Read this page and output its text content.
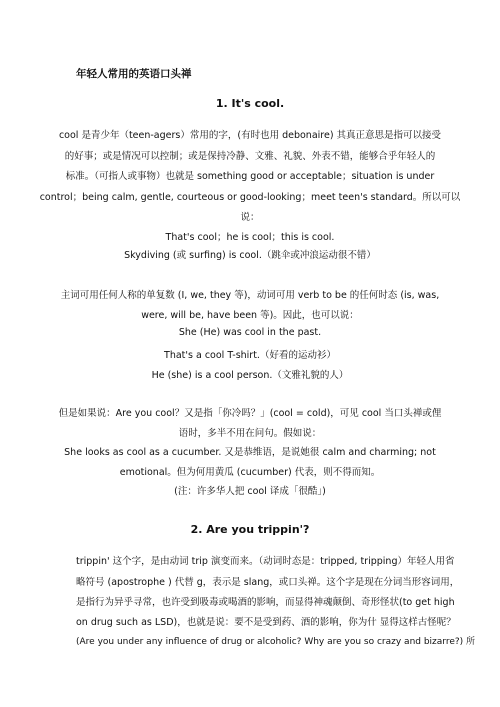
年轻人常用的英语口头禅
1. It's cool.
cool 是青少年（teen-agers）常用的字，(有时也用 debonaire) 其真正意思是指可以接受
的好事；或是情况可以控制；或是保持冷静、文雅、礼貌、外表不错，能够合乎年轻人的
标准。（可指人或事物）也就是 something good or acceptable；situation is under
control；being calm, gentle, courteous or good-looking；meet teen's standard。所以可以
说：
That's cool；he is cool；this is cool.
Skydiving (或 surfing) is cool.（跳伞或冲浪运动很不错）
主词可用任何人称的单复数 (I, we, they 等)，动词可用 verb to be 的任何时态 (is, was,
were, will be, have been 等)。因此，也可以说：
She (He) was cool in the past.
That's a cool T-shirt.（好看的运动衫）
He (she) is a cool person.（文雅礼貌的人）
但是如果说：Are you cool？又是指「你冷吗？」(cool = cold)，可见 cool 当口头禅或俚
语时，多半不用在问句。假如说：
She looks as cool as a cucumber. 又是恭维语，是说她很 calm and charming; not
emotional。但为何用黄瓜 (cucumber) 代表，则不得而知。
(注：许多华人把 cool 译成「很酷」)
2. Are you trippin'?
trippin' 这个字，是由动词 trip 演变而来。（动词时态是：tripped, tripping）年轻人用省
略符号 (apostrophe ) 代替 g，表示是 slang，或口头禅。这个字是现在分词当形容词用，
是指行为异乎寻常，也许受到吸毒或喝酒的影响，而显得神魂颠倒、奇形怪状(to get high
on drug such as LSD)，也就是说：要不是受到药、酒的影响，你为什 显得这样古怪呢？
(Are you under any influence of drug or alcoholic? Why are you so crazy and bizarre?) 所
